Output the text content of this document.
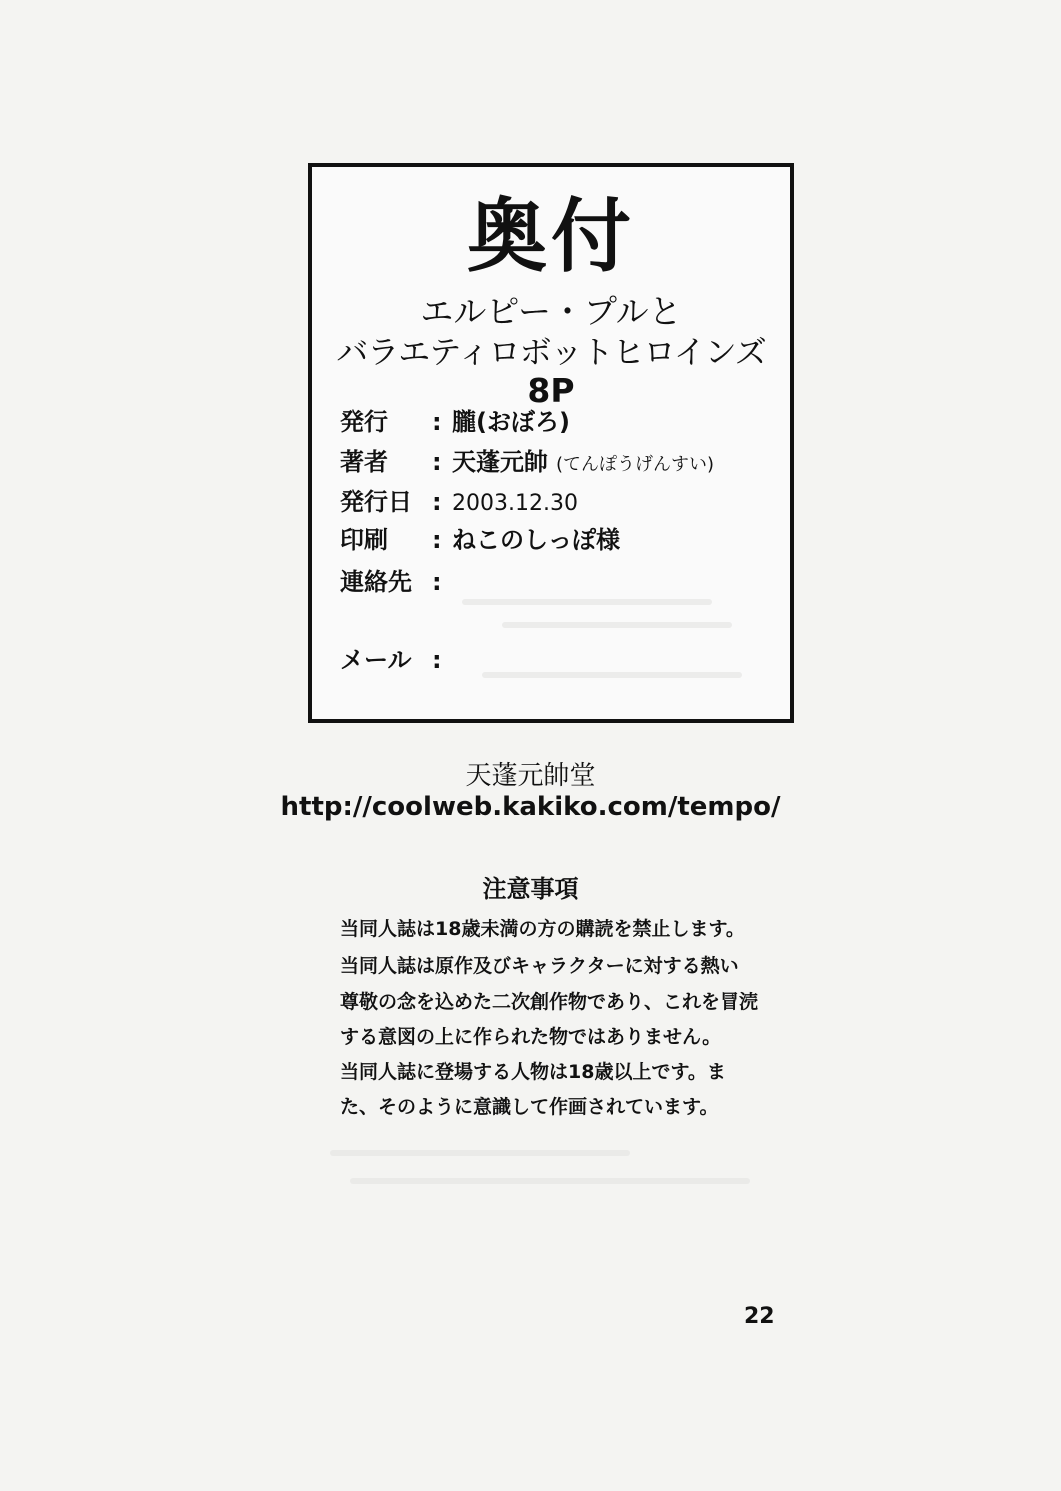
奥付
エルピー・プルと
バラエティロボットヒロインズ
8P
発行 : 朧(おぼろ)
著者 : 天蓬元帥 (てんぽうげんすい)
発行日 : 2003.12.30
印刷 : ねこのしっぽ様
連絡先 :
メール :
天蓬元帥堂
http://coolweb.kakiko.com/tempo/
注意事項
当同人誌は18歳未満の方の購読を禁止します。
当同人誌は原作及びキャラクターに対する熱い
尊敬の念を込めた二次創作物であり、これを冒涜
する意図の上に作られた物ではありません。
当同人誌に登場する人物は18歳以上です。ま
た、そのように意識して作画されています。
22
